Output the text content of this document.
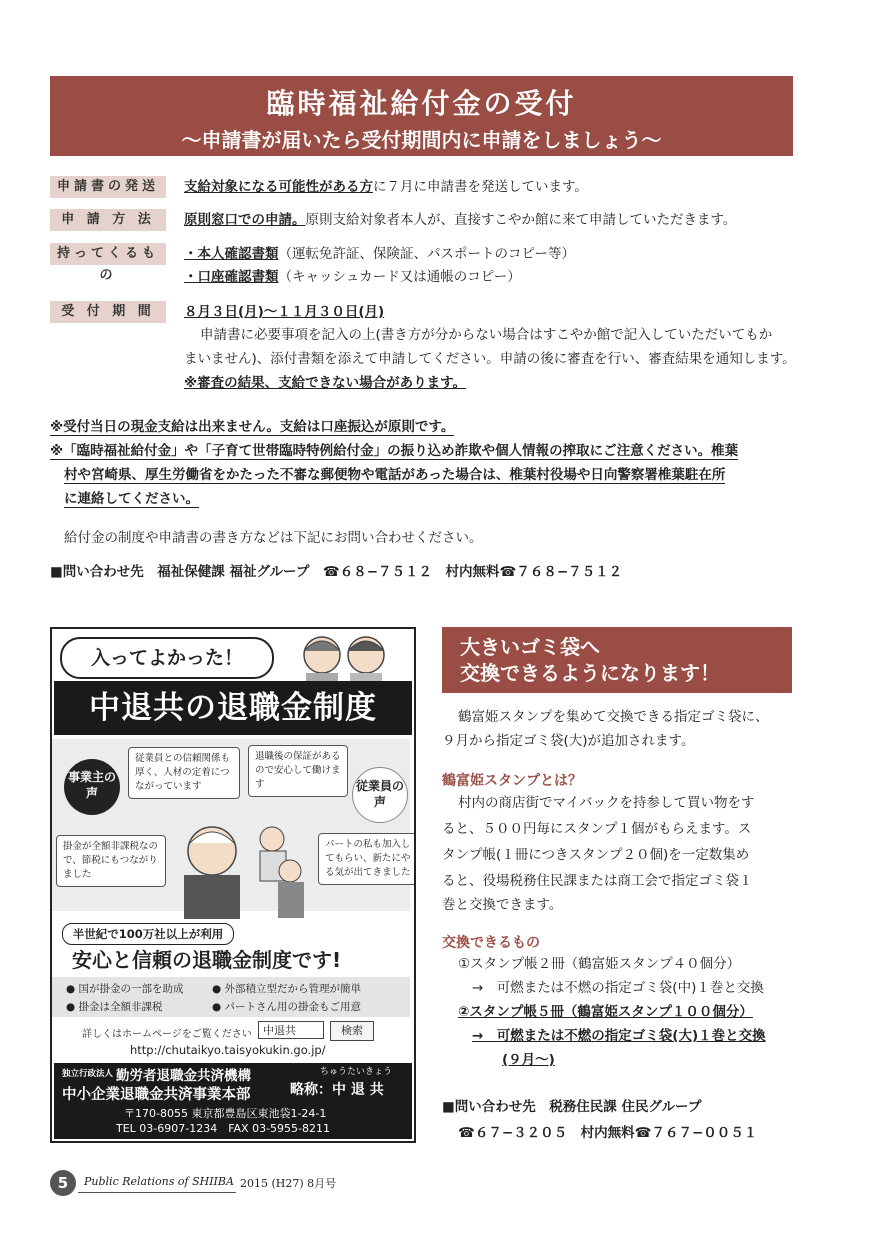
臨時福祉給付金の受付
〜申請書が届いたら受付期間内に申請をしましょう〜
申請書の発送	支給対象になる可能性がある方に７月に申請書を発送しています。
申 請 方 法	原則窓口での申請。原則支給対象者本人が、直接すこやか館に来て申請していただきます。
持ってくるもの
・本人確認書類（運転免許証、保険証、パスポートのコピー等）
・口座確認書類（キャッシュカード又は通帳のコピー）
受 付 期 間	８月３日(月)〜１１月３０日(月)
申請書に必要事項を記入の上(書き方が分からない場合はすこやか館で記入していただいてもか
まいません)、添付書類を添えて申請してください。申請の後に審査を行い、審査結果を通知します。
※審査の結果、支給できない場合があります。
※受付当日の現金支給は出来ません。支給は口座振込が原則です。
※「臨時福祉給付金」や「子育て世帯臨時特例給付金」の振り込め詐欺や個人情報の搾取にご注意ください。椎葉
村や宮崎県、厚生労働省をかたった不審な郵便物や電話があった場合は、椎葉村役場や日向警察署椎葉駐在所
に連絡してください。
給付金の制度や申請書の書き方などは下記にお問い合わせください。
■問い合わせ先　福祉保健課 福祉グループ　☎６８−７５１２　村内無料☎７６８−７５１２
入ってよかった！
中退共の退職金制度
事業主の声	従業員の声
従業員との信頼関係も厚く、人材の定着につながっています
退職後の保証があるので安心して働けます
掛金が全額非課税なので、節税にもつながりました
パートの私も加入してもらい、新たにやる気が出てきました
半世紀で100万社以上が利用
安心と信頼の退職金制度です!
● 国が掛金の一部を助成	● 外部積立型だから管理が簡単
● 掛金は全額非課税	● パートさん用の掛金もご用意
詳しくはホームページをご覧ください	中退共	検索
http://chutaikyo.taisyokukin.go.jp/
独立行政法人 勤労者退職金共済機構	ちゅうたいきょう
略称：中 退 共
中小企業退職金共済事業本部
〒170-8055 東京都豊島区東池袋1-24-1
TEL 03-6907-1234　FAX 03-5955-8211
大きいゴミ袋へ
交換できるようになります！
鶴富姫スタンプを集めて交換できる指定ゴミ袋に、
９月から指定ゴミ袋(大)が追加されます。
鶴富姫スタンプとは？
村内の商店街でマイバックを持参して買い物をす
ると、５００円毎にスタンプ１個がもらえます。ス
タンプ帳(１冊につきスタンプ２０個)を一定数集め
ると、役場税務住民課または商工会で指定ゴミ袋１
巻と交換できます。
交換できるもの
①スタンプ帳２冊（鶴富姫スタンプ４０個分）
→　可燃または不燃の指定ゴミ袋(中)１巻と交換
②スタンプ帳５冊（鶴富姫スタンプ１００個分）
→　可燃または不燃の指定ゴミ袋(大)１巻と交換
(９月〜)
■問い合わせ先　税務住民課 住民グループ
☎６７−３２０５　村内無料☎７６７−００５１
5	Public Relations of SHIIBA 2015 (H27) 8月号
